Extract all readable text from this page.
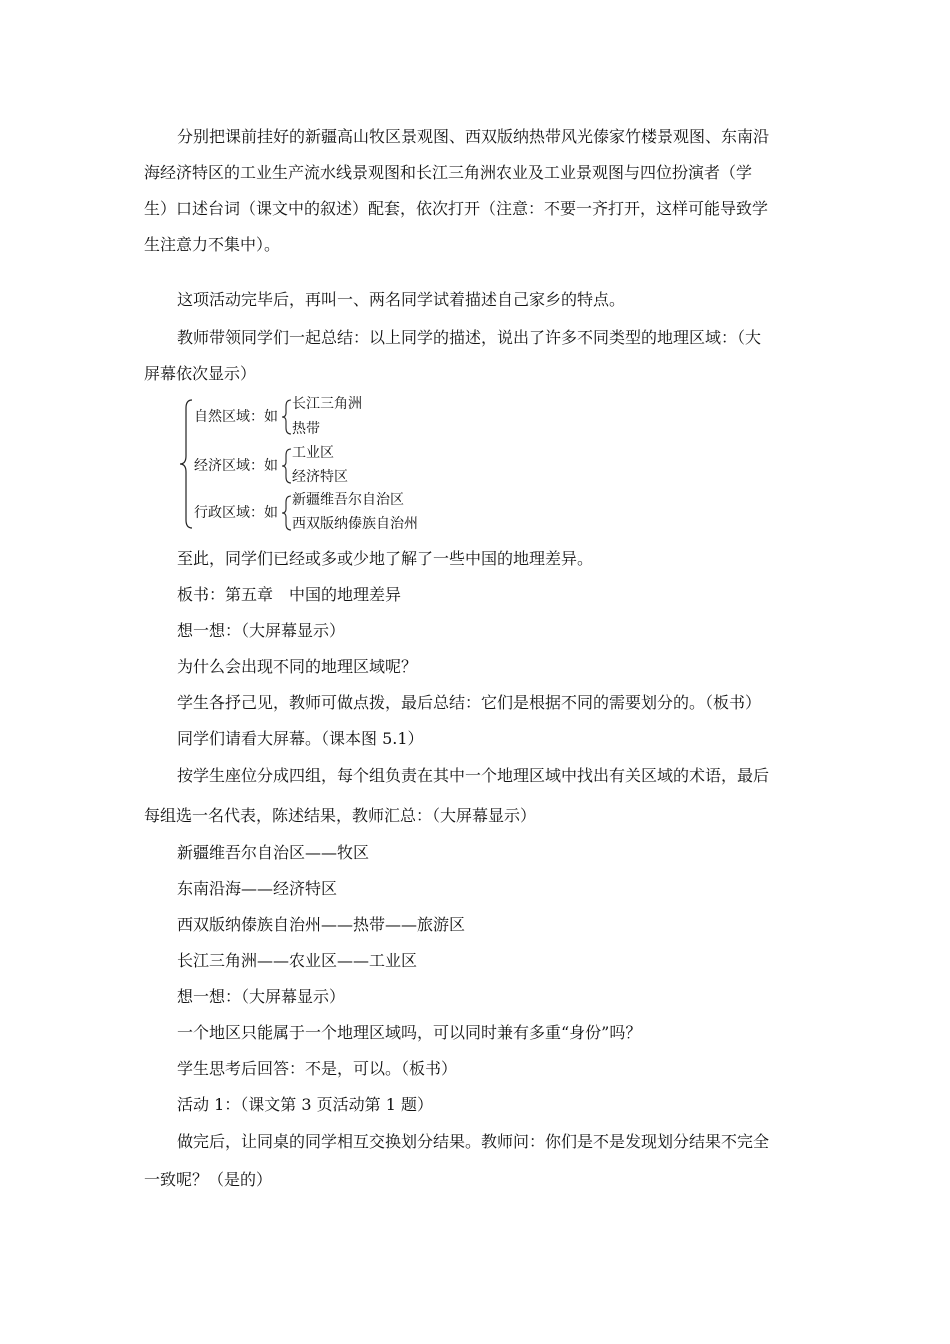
分别把课前挂好的新疆高山牧区景观图、西双版纳热带风光傣家竹楼景观图、东南沿
海经济特区的工业生产流水线景观图和长江三角洲农业及工业景观图与四位扮演者（学
生）口述台词（课文中的叙述）配套，依次打开（注意：不要一齐打开，这样可能导致学
生注意力不集中）。
这项活动完毕后，再叫一、两名同学试着描述自己家乡的特点。
教师带领同学们一起总结：以上同学的描述，说出了许多不同类型的地理区域：（大
屏幕依次显示）
自然区域：如
长江三角洲
热带
经济区域：如
工业区
经济特区
行政区域：如
新疆维吾尔自治区
西双版纳傣族自治州
至此，同学们已经或多或少地了解了一些中国的地理差异。
板书：第五章　中国的地理差异
想一想：（大屏幕显示）
为什么会出现不同的地理区域呢？
学生各抒己见，教师可做点拨，最后总结：它们是根据不同的需要划分的。（板书）
同学们请看大屏幕。（课本图 5.1）
按学生座位分成四组，每个组负责在其中一个地理区域中找出有关区域的术语，最后
每组选一名代表，陈述结果，教师汇总：（大屏幕显示）
新疆维吾尔自治区——牧区
东南沿海——经济特区
西双版纳傣族自治州——热带——旅游区
长江三角洲——农业区——工业区
想一想：（大屏幕显示）
一个地区只能属于一个地理区域吗，可以同时兼有多重“身份”吗？
学生思考后回答：不是，可以。（板书）
活动 1：（课文第 3 页活动第 1 题）
做完后，让同桌的同学相互交换划分结果。教师问：你们是不是发现划分结果不完全
一致呢？（是的）
